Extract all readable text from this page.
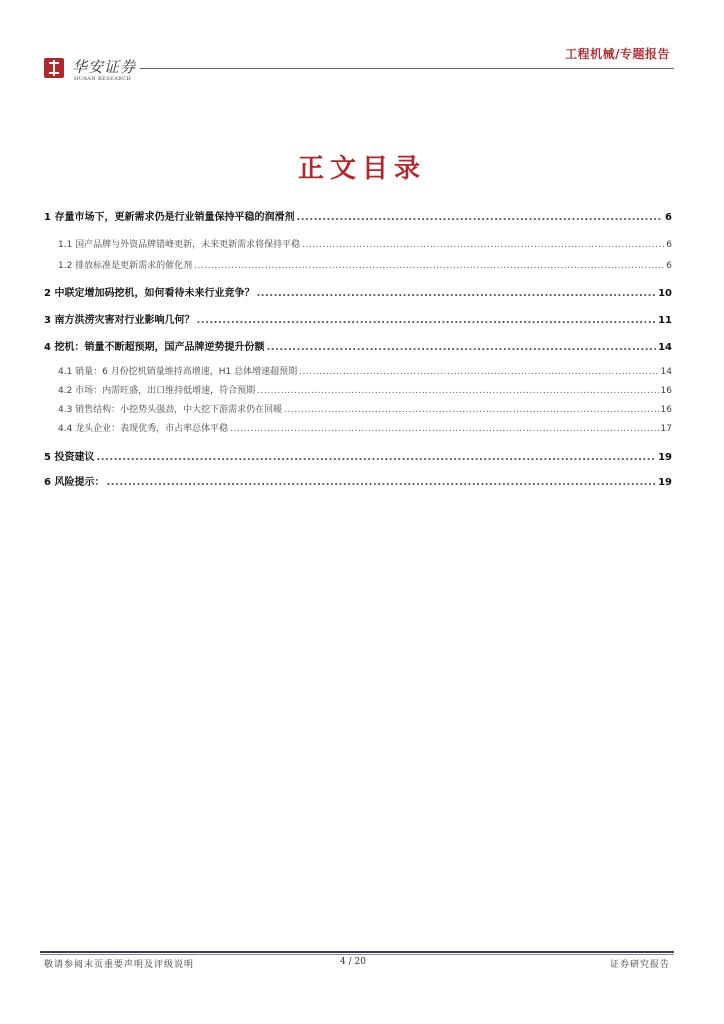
华安证券
HUAAN RESEARCH
工程机械/专题报告
正文目录
1 存量市场下，更新需求仍是行业销量保持平稳的润滑剂 .....	6
1.1 国产品牌与外资品牌错峰更新，未来更新需求将保持平稳 .....	6
1.2 排放标准是更新需求的催化剂 .....	6
2 中联定增加码挖机，如何看待未来行业竞争？ .....	10
3 南方洪涝灾害对行业影响几何？ .....	11
4 挖机：销量不断超预期，国产品牌逆势提升份额 .....	14
4.1 销量：6 月份挖机销量维持高增速，H1 总体增速超预期 .....	14
4.2 市场：内需旺盛，出口维持低增速，符合预期 .....	16
4.3 销售结构：小挖势头强劲，中大挖下游需求仍在回暖 .....	16
4.4 龙头企业：表现优秀，市占率总体平稳 .....	17
5 投资建议 .....	19
6 风险提示： .....	19
敬请参阅末页重要声明及评级说明	4 / 20	证券研究报告
